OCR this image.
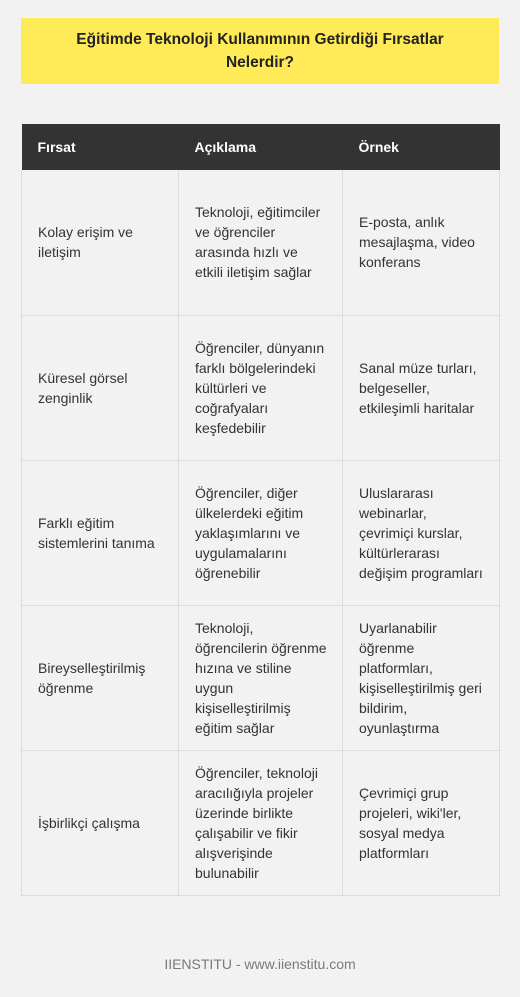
Eğitimde Teknoloji Kullanımının Getirdiği Fırsatlar Nelerdir?
Fırsat	Açıklama	Örnek
Kolay erişim ve iletişim	Teknoloji, eğitimciler ve öğrenciler arasında hızlı ve etkili iletişim sağlar	E-posta, anlık mesajlaşma, video konferans
Küresel görsel zenginlik	Öğrenciler, dünyanın farklı bölgelerindeki kültürleri ve coğrafyaları keşfedebilir	Sanal müze turları, belgeseller, etkileşimli haritalar
Farklı eğitim sistemlerini tanıma	Öğrenciler, diğer ülkelerdeki eğitim yaklaşımlarını ve uygulamalarını öğrenebilir	Uluslararası webinarlar, çevrimiçi kurslar, kültürlerarası değişim programları
Bireyselleştirilmiş öğrenme	Teknoloji, öğrencilerin öğrenme hızına ve stiline uygun kişiselleştirilmiş eğitim sağlar	Uyarlanabilir öğrenme platformları, kişiselleştirilmiş geri bildirim, oyunlaştırma
İşbirlikçi çalışma	Öğrenciler, teknoloji aracılığıyla projeler üzerinde birlikte çalışabilir ve fikir alışverişinde bulunabilir	Çevrimiçi grup projeleri, wiki'ler, sosyal medya platformları
IIENSTITU - www.iienstitu.com
